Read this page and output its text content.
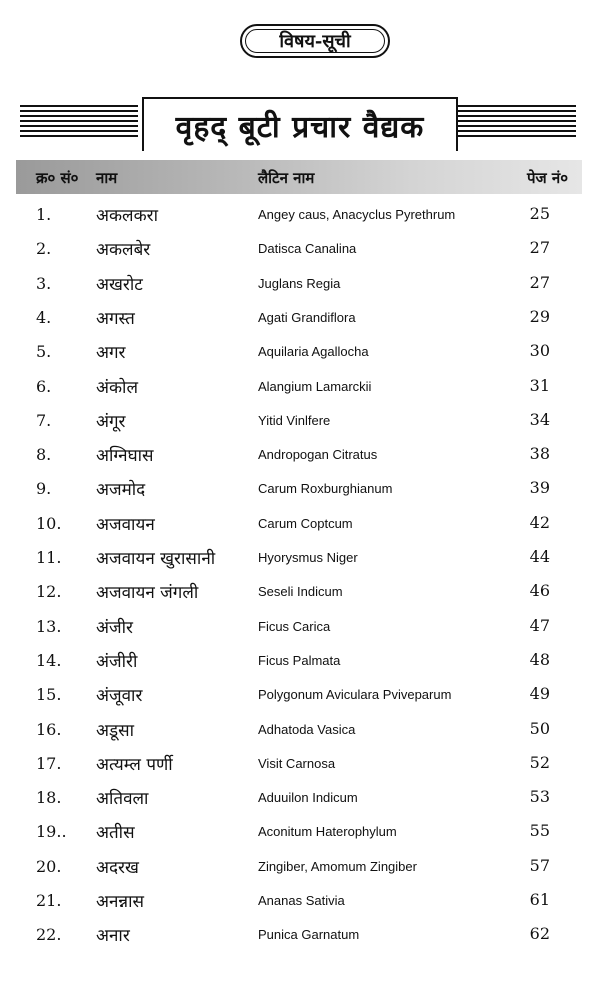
विषय-सूची
वृहद् बूटी प्रचार वैद्यक
क्र० सं० नाम	लैटिन नाम	पेज नं०
1.	अकलकरा	Angey caus, Anacyclus Pyrethrum	25
2.	अकलबेर	Datisca Canalina	27
3.	अखरोट	Juglans Regia	27
4.	अगस्त	Agati Grandiflora	29
5.	अगर	Aquilaria Agallocha	30
6.	अंकोल	Alangium Lamarckii	31
7.	अंगूर	Yitid Vinlfere	34
8.	अग्निघास	Andropogan Citratus	38
9.	अजमोद	Carum Roxburghianum	39
10. अजवायन	Carum Coptcum	42
11. अजवायन खुरासानी	Hyorysmus Niger	44
12. अजवायन जंगली	Seseli Indicum	46
13. अंजीर	Ficus Carica	47
14. अंजीरी	Ficus Palmata	48
15. अंजूवार	Polygonum Aviculara Pviveparum	49
16. अडूसा	Adhatoda Vasica	50
17. अत्यम्ल पर्णी	Visit Carnosa	52
18. अतिवला	Aduuilon Indicum	53
19.. अतीस	Aconitum Haterophylum	55
20. अदरख	Zingiber, Amomum Zingiber	57
21. अनन्नास	Ananas Sativia	61
22. अनार	Punica Garnatum	62
